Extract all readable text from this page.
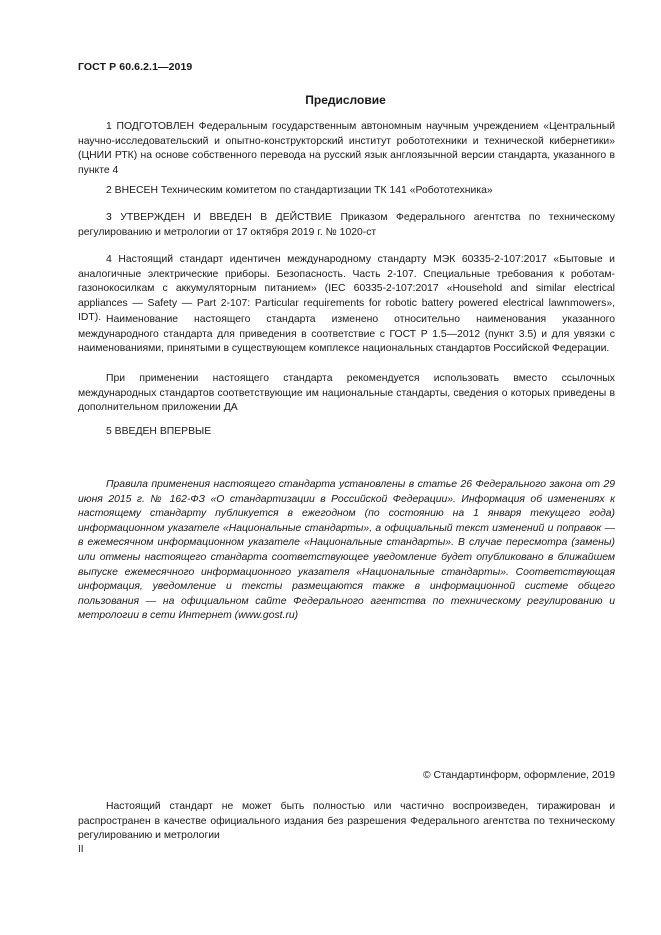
ГОСТ Р 60.6.2.1—2019
Предисловие
1 ПОДГОТОВЛЕН Федеральным государственным автономным научным учреждением «Центральный научно-исследовательский и опытно-конструкторский институт робототехники и технической кибернетики» (ЦНИИ РТК) на основе собственного перевода на русский язык англоязычной версии стандарта, указанного в пункте 4
2 ВНЕСЕН Техническим комитетом по стандартизации ТК 141 «Робототехника»
3 УТВЕРЖДЕН И ВВЕДЕН В ДЕЙСТВИЕ Приказом Федерального агентства по техническому регулированию и метрологии от 17 октября 2019 г. № 1020-ст
4 Настоящий стандарт идентичен международному стандарту МЭК 60335-2-107:2017 «Бытовые и аналогичные электрические приборы. Безопасность. Часть 2-107. Специальные требования к роботам-газонокосилкам с аккумуляторным питанием» (IEC 60335-2-107:2017 «Household and similar electrical appliances — Safety — Part 2-107: Particular requirements for robotic battery powered electrical lawnmowers», IDT). Наименование настоящего стандарта изменено относительно наименования указанного международного стандарта для приведения в соответствие с ГОСТ Р 1.5—2012 (пункт 3.5) и для увязки с наименованиями, принятыми в существующем комплексе национальных стандартов Российской Федерации.
При применении настоящего стандарта рекомендуется использовать вместо ссылочных международных стандартов соответствующие им национальные стандарты, сведения о которых приведены в дополнительном приложении ДА
5 ВВЕДЕН ВПЕРВЫЕ
Правила применения настоящего стандарта установлены в статье 26 Федерального закона от 29 июня 2015 г. № 162-ФЗ «О стандартизации в Российской Федерации». Информация об изменениях к настоящему стандарту публикуется в ежегодном (по состоянию на 1 января текущего года) информационном указателе «Национальные стандарты», а официальный текст изменений и поправок — в ежемесячном информационном указателе «Национальные стандарты». В случае пересмотра (замены) или отмены настоящего стандарта соответствующее уведомление будет опубликовано в ближайшем выпуске ежемесячного информационного указателя «Национальные стандарты». Соответствующая информация, уведомление и тексты размещаются также в информационной системе общего пользования — на официальном сайте Федерального агентства по техническому регулированию и метрологии в сети Интернет (www.gost.ru)
© Стандартинформ, оформление, 2019
Настоящий стандарт не может быть полностью или частично воспроизведен, тиражирован и распространен в качестве официального издания без разрешения Федерального агентства по техническому регулированию и метрологии
II
